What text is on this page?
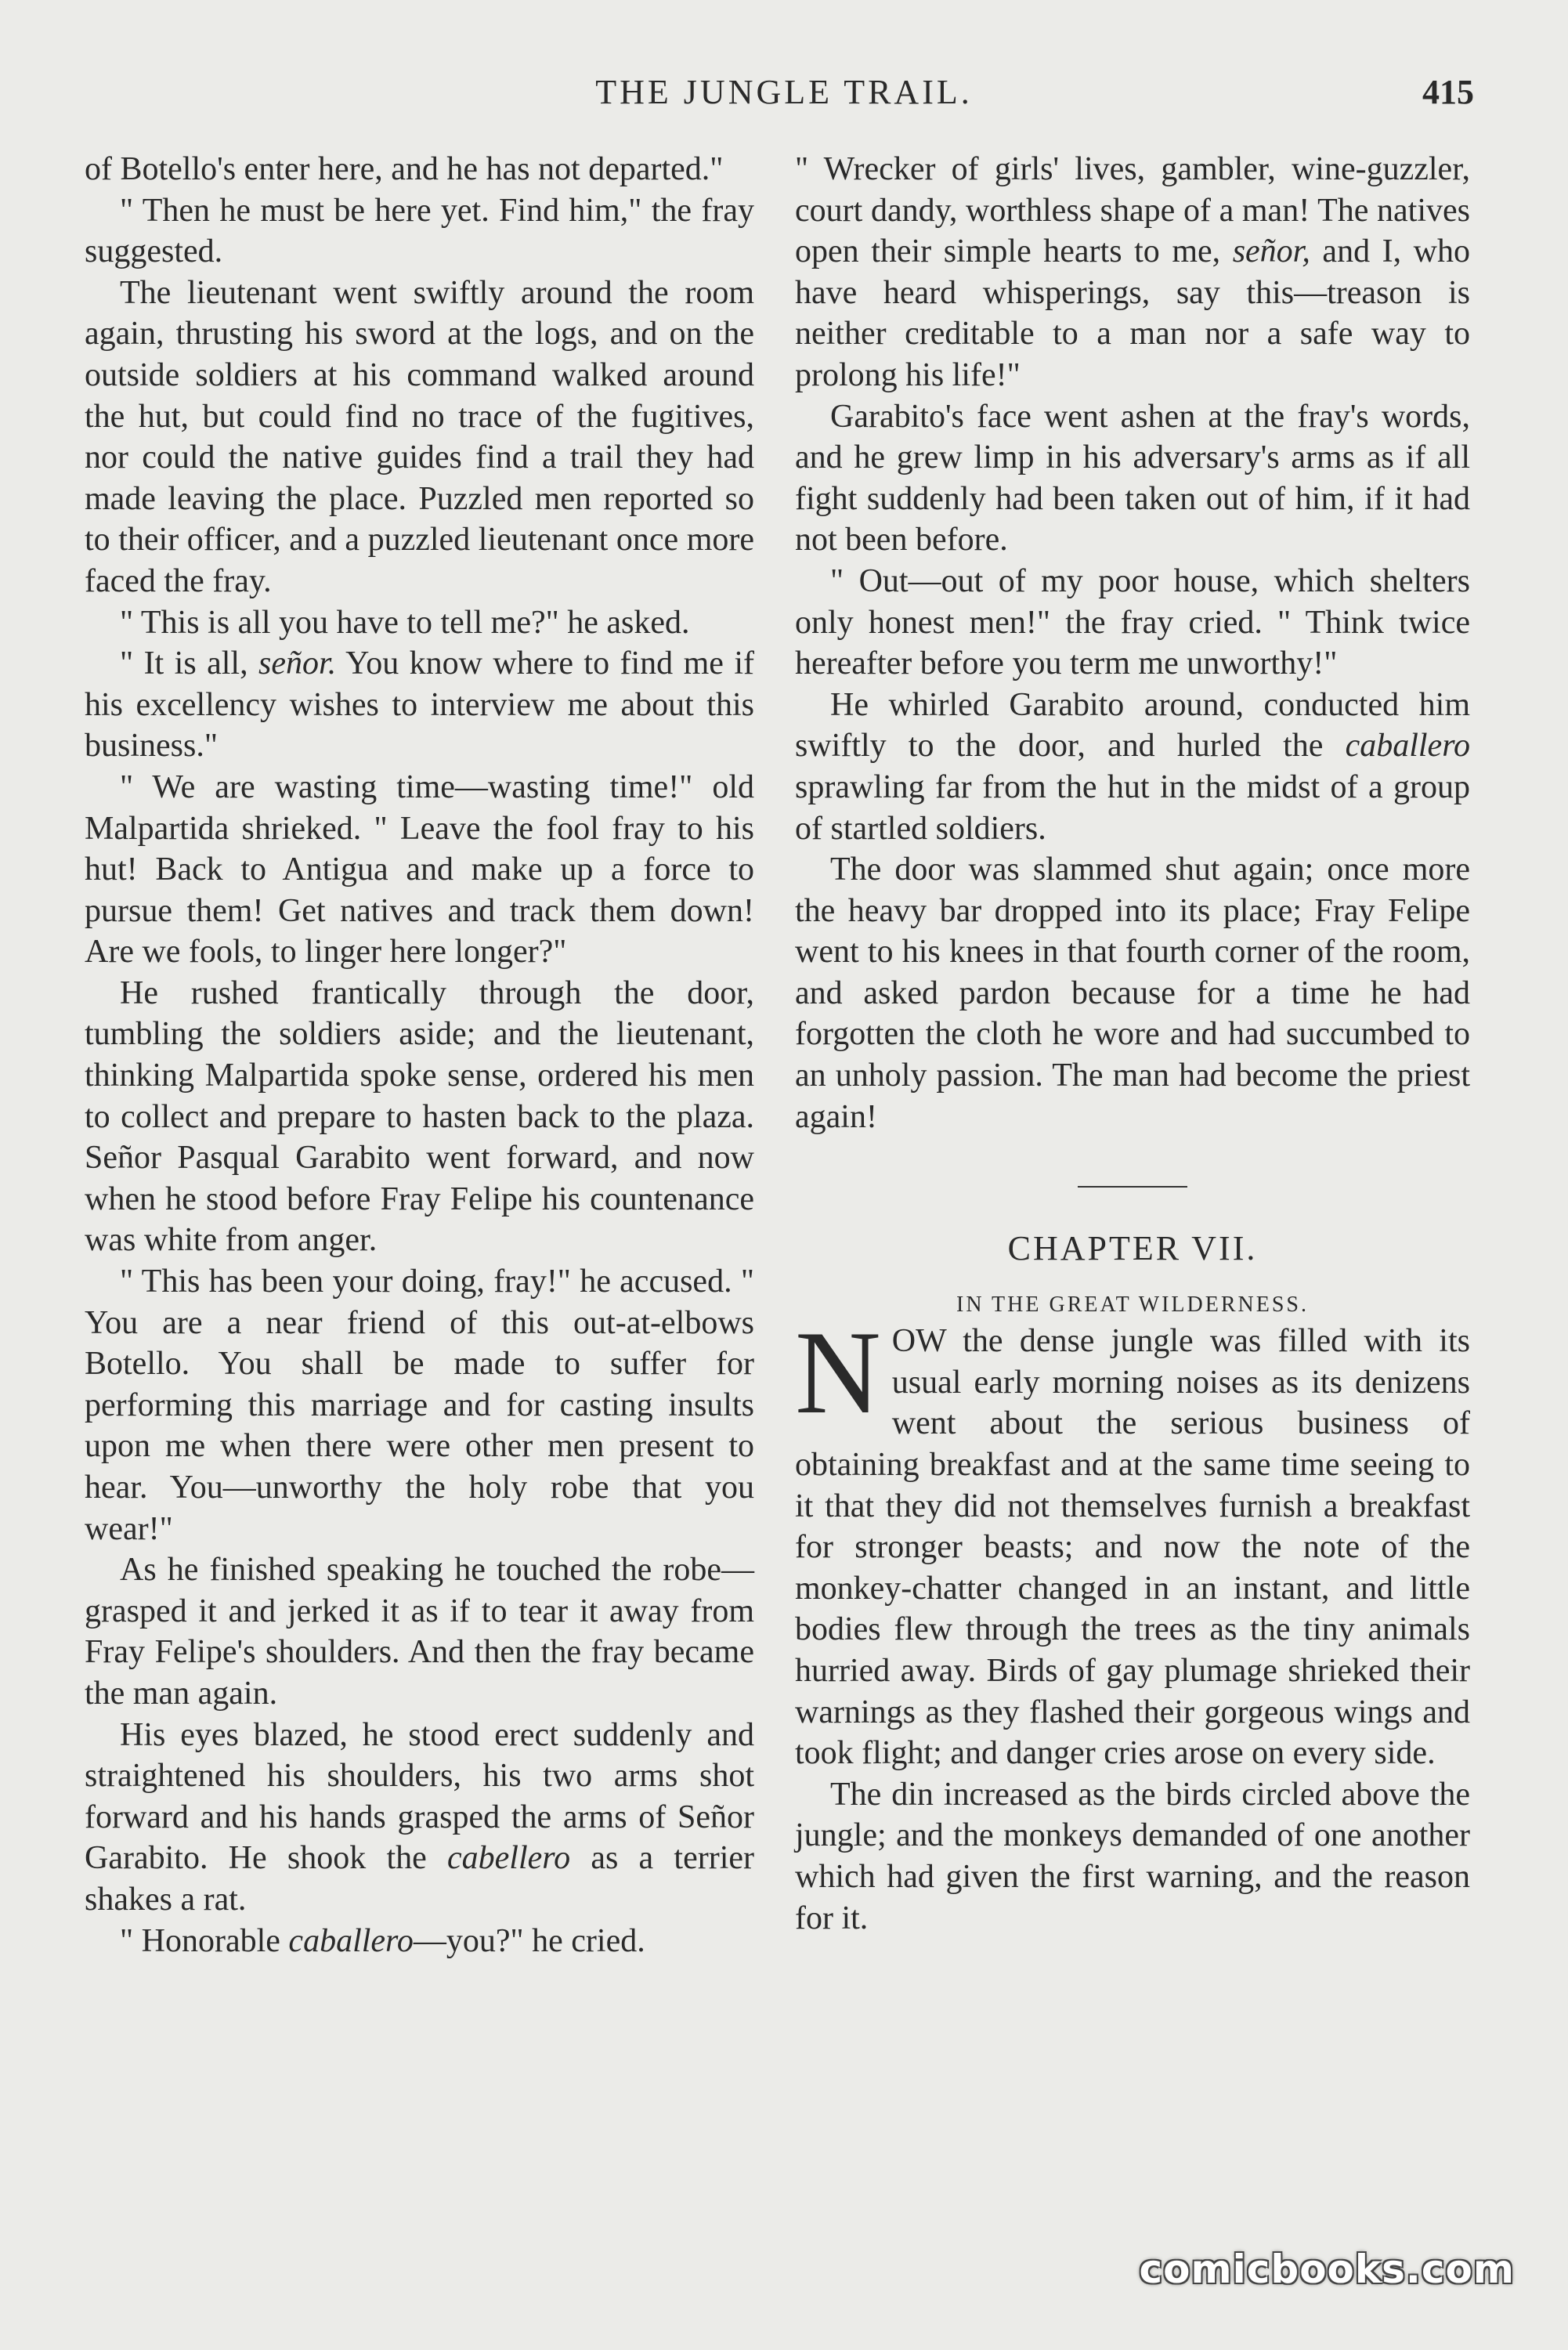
THE JUNGLE TRAIL.	415

of Botello's enter here, and he has not departed."

" Then he must be here yet. Find him," the fray suggested.

The lieutenant went swiftly around the room again, thrusting his sword at the logs, and on the outside soldiers at his command walked around the hut, but could find no trace of the fugitives, nor could the native guides find a trail they had made leaving the place. Puzzled men reported so to their officer, and a puzzled lieutenant once more faced the fray.

" This is all you have to tell me?" he asked.

" It is all, señor. You know where to find me if his excellency wishes to interview me about this business."

" We are wasting time—wasting time!" old Malpartida shrieked. " Leave the fool fray to his hut! Back to Antigua and make up a force to pursue them! Get natives and track them down! Are we fools, to linger here longer?"

He rushed frantically through the door, tumbling the soldiers aside; and the lieutenant, thinking Malpartida spoke sense, ordered his men to collect and prepare to hasten back to the plaza. Señor Pasqual Garabito went forward, and now when he stood before Fray Felipe his countenance was white from anger.

" This has been your doing, fray!" he accused. " You are a near friend of this out-at-elbows Botello. You shall be made to suffer for performing this marriage and for casting insults upon me when there were other men present to hear. You—unworthy the holy robe that you wear!"

As he finished speaking he touched the robe—grasped it and jerked it as if to tear it away from Fray Felipe's shoulders. And then the fray became the man again.

His eyes blazed, he stood erect suddenly and straightened his shoulders, his two arms shot forward and his hands grasped the arms of Señor Garabito. He shook the cabellero as a terrier shakes a rat.

" Honorable caballero—you?" he cried.

" Wrecker of girls' lives, gambler, wine-guzzler, court dandy, worthless shape of a man! The natives open their simple hearts to me, señor, and I, who have heard whisperings, say this—treason is neither creditable to a man nor a safe way to prolong his life!"

Garabito's face went ashen at the fray's words, and he grew limp in his adversary's arms as if all fight suddenly had been taken out of him, if it had not been before.

" Out—out of my poor house, which shelters only honest men!" the fray cried. " Think twice hereafter before you term me unworthy!"

He whirled Garabito around, conducted him swiftly to the door, and hurled the caballero sprawling far from the hut in the midst of a group of startled soldiers.

The door was slammed shut again; once more the heavy bar dropped into its place; Fray Felipe went to his knees in that fourth corner of the room, and asked pardon because for a time he had forgotten the cloth he wore and had succumbed to an unholy passion. The man had become the priest again!

CHAPTER VII.
IN THE GREAT WILDERNESS.

NOW the dense jungle was filled with its usual early morning noises as its denizens went about the serious business of obtaining breakfast and at the same time seeing to it that they did not themselves furnish a breakfast for stronger beasts; and now the note of the monkey-chatter changed in an instant, and little bodies flew through the trees as the tiny animals hurried away. Birds of gay plumage shrieked their warnings as they flashed their gorgeous wings and took flight; and danger cries arose on every side.

The din increased as the birds circled above the jungle; and the monkeys demanded of one another which had given the first warning, and the reason for it.

comicbooks.com
